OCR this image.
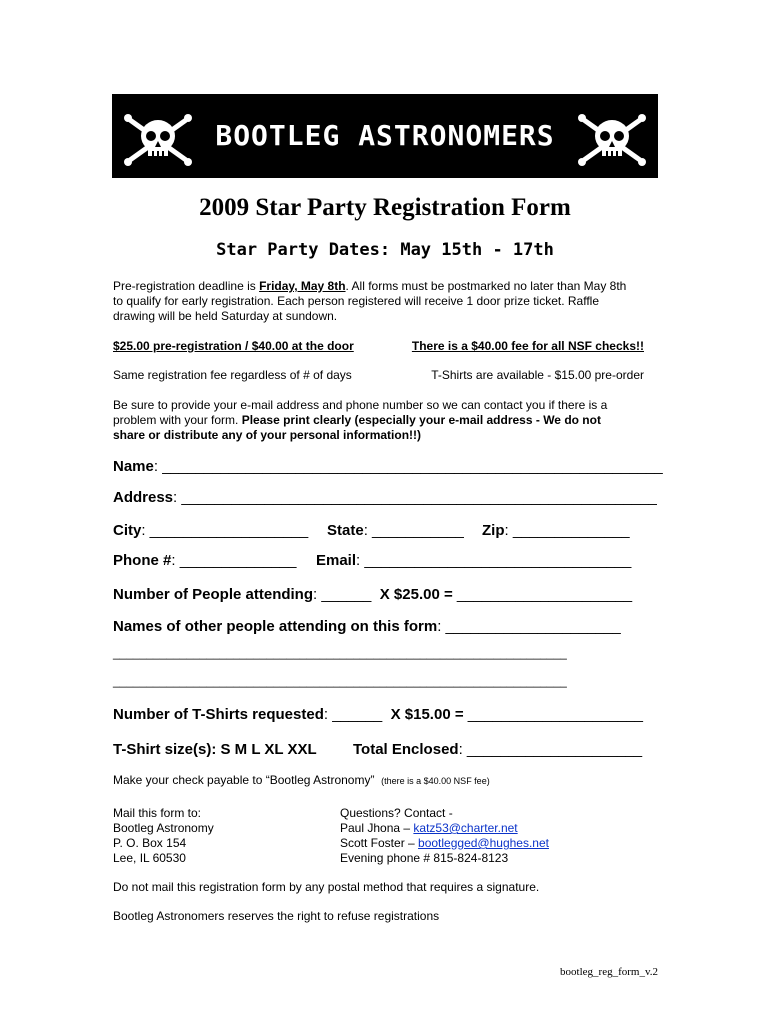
BOOTLEG ASTRONOMERS
2009 Star Party Registration Form
Star Party Dates: May 15th - 17th
Pre-registration deadline is Friday, May 8th. All forms must be postmarked no later than May 8th
to qualify for early registration. Each person registered will receive 1 door prize ticket. Raffle
drawing will be held Saturday at sundown.
$25.00 pre-registration / $40.00 at the door	There is a $40.00 fee for all NSF checks!!
Same registration fee regardless of # of days	T-Shirts are available - $15.00 pre-order
Be sure to provide your e-mail address and phone number so we can contact you if there is a
problem with your form. Please print clearly (especially your e-mail address - We do not
share or distribute any of your personal information!!)
Name: ____________________________________________________________
Address: _________________________________________________________
City: ___________________ State: ___________ Zip: ______________
Phone #: ______________ Email: ________________________________
Number of People attending: ______ X $25.00 = _____________________
Names of other people attending on this form: _____________________
____________________________________________________________________
____________________________________________________________________
Number of T-Shirts requested: ______ X $15.00 = _____________________
T-Shirt size(s): S M L XL XXL Total Enclosed: _____________________
Make your check payable to “Bootleg Astronomy” (there is a $40.00 NSF fee)
Mail this form to:
Bootleg Astronomy
P. O. Box 154
Lee, IL 60530
Questions? Contact -
Paul Jhona – katz53@charter.net
Scott Foster – bootlegged@hughes.net
Evening phone # 815-824-8123
Do not mail this registration form by any postal method that requires a signature.
Bootleg Astronomers reserves the right to refuse registrations
bootleg_reg_form_v.2
